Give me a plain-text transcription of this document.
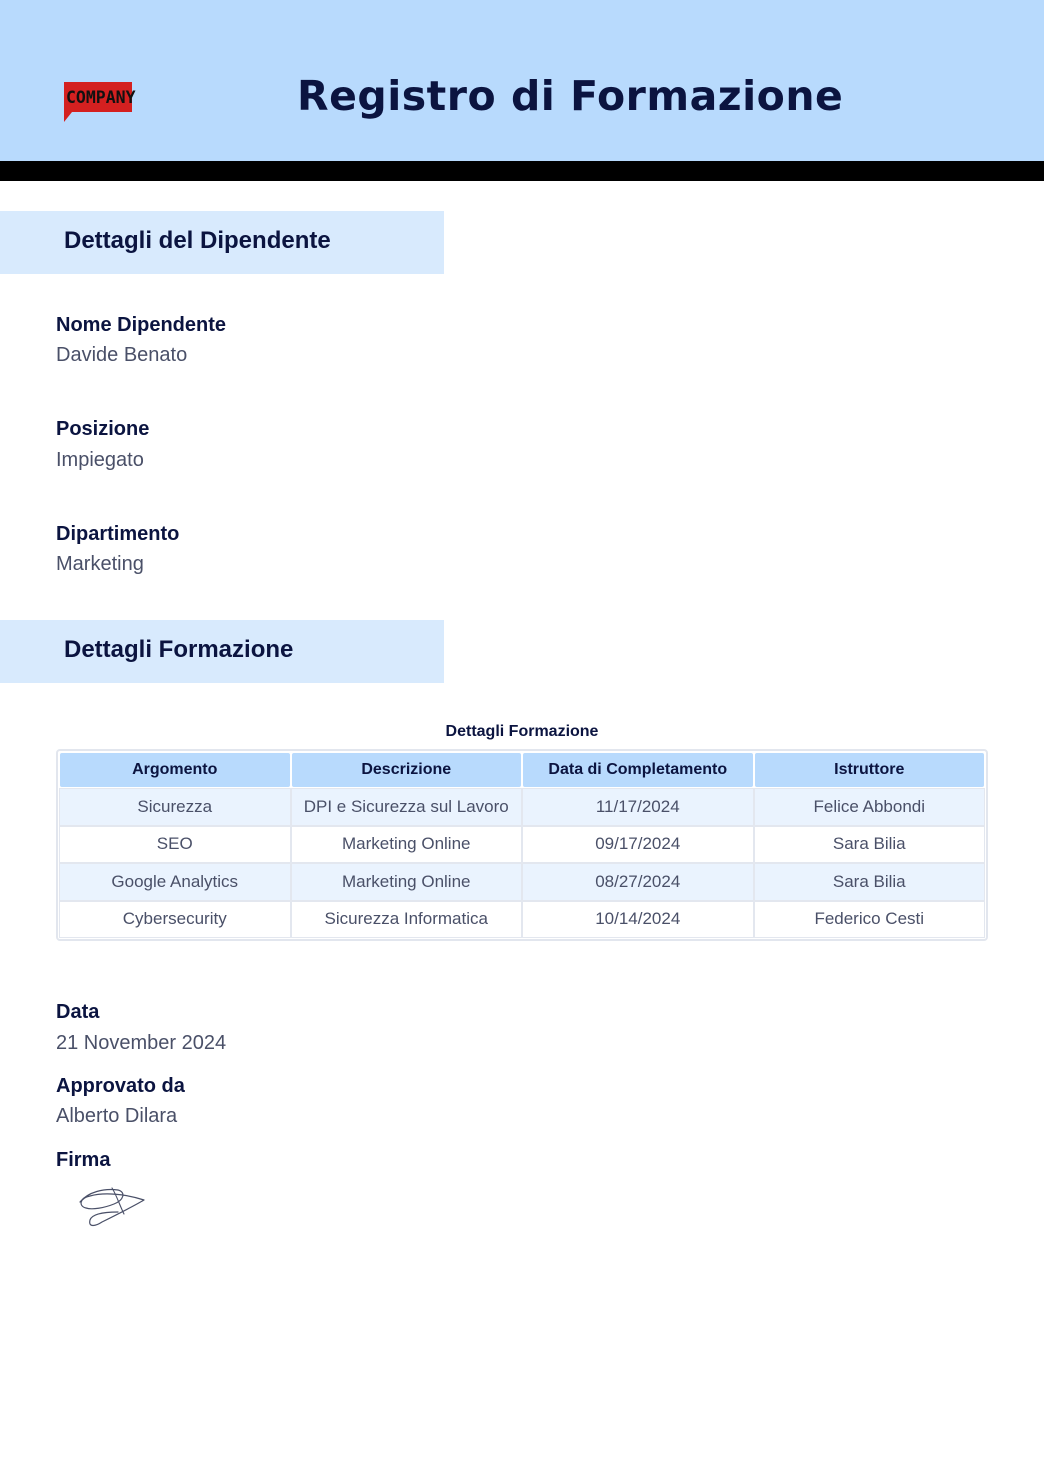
COMPANY	Registro di Formazione
Dettagli del Dipendente
Nome Dipendente
Davide Benato
Posizione
Impiegato
Dipartimento
Marketing
Dettagli Formazione
Dettagli Formazione
Argomento	Descrizione	Data di Completamento	Istruttore
Sicurezza	DPI e Sicurezza sul Lavoro	11/17/2024	Felice Abbondi
SEO	Marketing Online	09/17/2024	Sara Bilia
Google Analytics	Marketing Online	08/27/2024	Sara Bilia
Cybersecurity	Sicurezza Informatica	10/14/2024	Federico Cesti
Data
21 November 2024
Approvato da
Alberto Dilara
Firma
